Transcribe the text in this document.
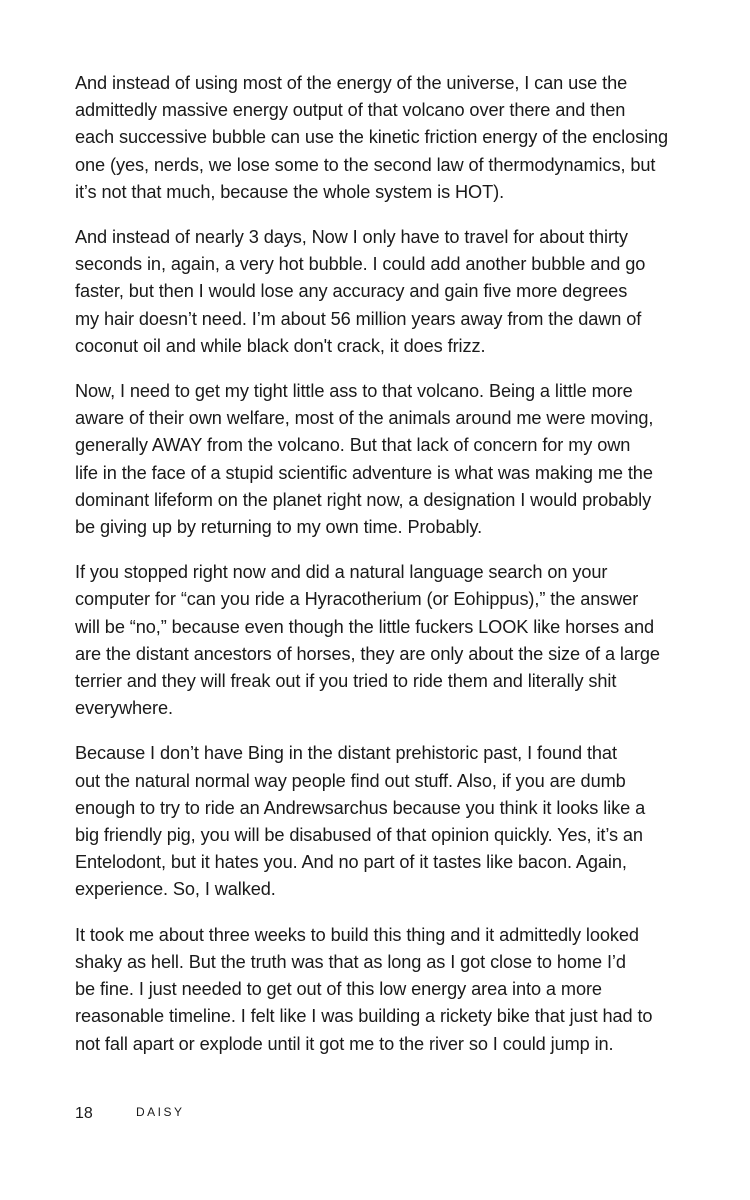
And instead of using most of the energy of the universe, I can use the
admittedly massive energy output of that volcano over there and then
each successive bubble can use the kinetic friction energy of the enclosing
one (yes, nerds, we lose some to the second law of thermodynamics, but
it’s not that much, because the whole system is HOT).

And instead of nearly 3 days, Now I only have to travel for about thirty
seconds in, again, a very hot bubble. I could add another bubble and go
faster, but then I would lose any accuracy and gain five more degrees
my hair doesn’t need. I’m about 56 million years away from the dawn of
coconut oil and while black don't crack, it does frizz.

Now, I need to get my tight little ass to that volcano. Being a little more
aware of their own welfare, most of the animals around me were moving,
generally AWAY from the volcano. But that lack of concern for my own
life in the face of a stupid scientific adventure is what was making me the
dominant lifeform on the planet right now, a designation I would probably
be giving up by returning to my own time. Probably.

If you stopped right now and did a natural language search on your
computer for “can you ride a Hyracotherium (or Eohippus),” the answer
will be “no,” because even though the little fuckers LOOK like horses and
are the distant ancestors of horses, they are only about the size of a large
terrier and they will freak out if you tried to ride them and literally shit
everywhere.

Because I don’t have Bing in the distant prehistoric past, I found that
out the natural normal way people find out stuff. Also, if you are dumb
enough to try to ride an Andrewsarchus because you think it looks like a
big friendly pig, you will be disabused of that opinion quickly. Yes, it’s an
Entelodont, but it hates you. And no part of it tastes like bacon. Again,
experience. So, I walked.

It took me about three weeks to build this thing and it admittedly looked
shaky as hell. But the truth was that as long as I got close to home I’d
be fine. I just needed to get out of this low energy area into a more
reasonable timeline. I felt like I was building a rickety bike that just had to
not fall apart or explode until it got me to the river so I could jump in.

18	DAISY
